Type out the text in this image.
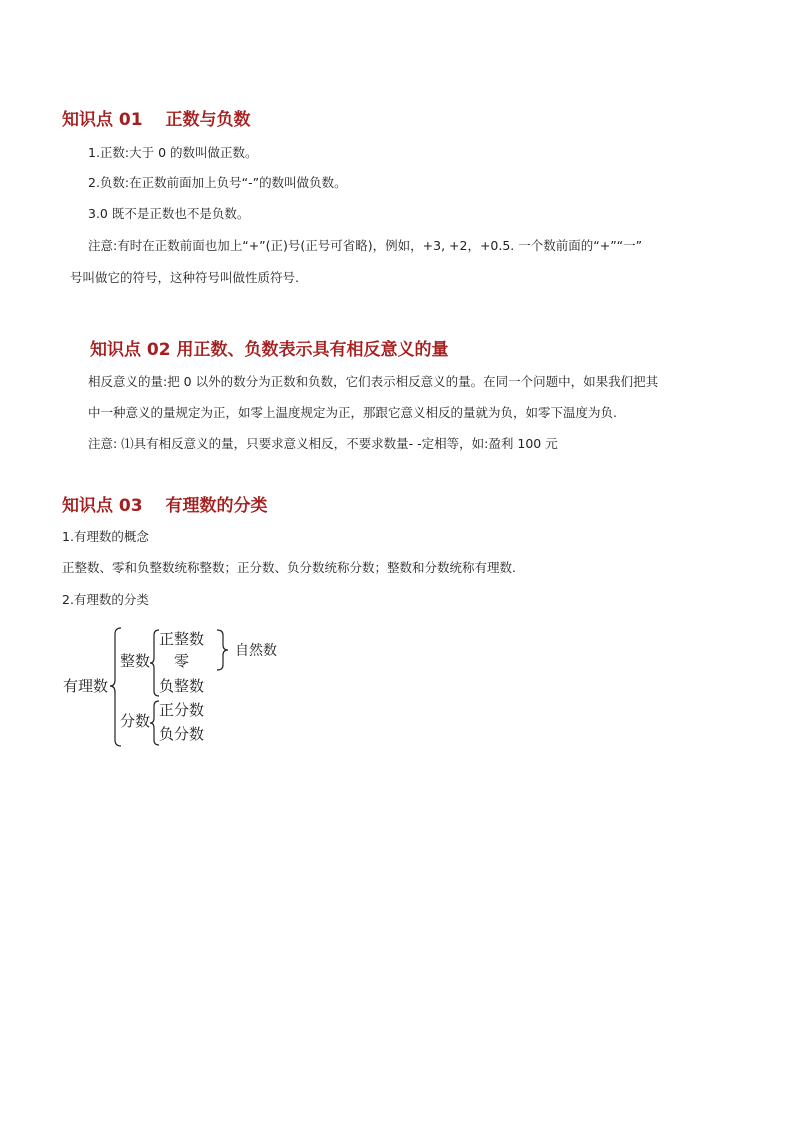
知识点 01　 正数与负数
1.正数:大于 0 的数叫做正数。
2.负数:在正数前面加上负号“-”的数叫做负数。
3.0 既不是正数也不是负数。
注意:有时在正数前面也加上“+”(正)号(正号可省略)，例如，+3, +2，+0.5. 一个数前面的“+”“一”
号叫做它的符号，这种符号叫做性质符号.
知识点 02 用正数、负数表示具有相反意义的量
相反意义的量:把 0 以外的数分为正数和负数，它们表示相反意义的量。在同一个问题中，如果我们把其
中一种意义的量规定为正，如零上温度规定为正，那跟它意义相反的量就为负，如零下温度为负.
注意: ⑴具有相反意义的量，只要求意义相反，不要求数量- -定相等，如:盈利 100 元
知识点 03　 有理数的分类
1.有理数的概念
正整数、零和负整数统称整数；正分数、负分数统称分数；整数和分数统称有理数.
2.有理数的分类
有理数
整数
正整数
零
负整数
自然数
分数
正分数
负分数
